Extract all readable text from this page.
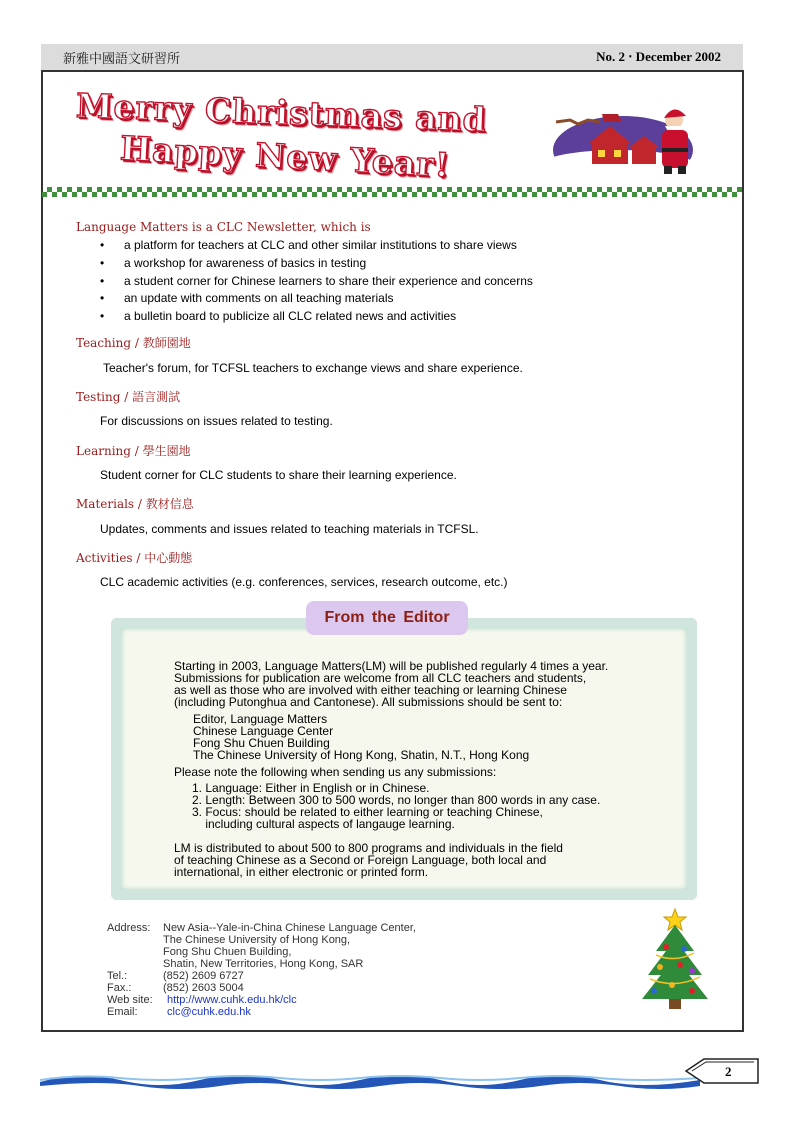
新雅中國語文研習所	No. 2 ‧ December 2002
Merry Christmas and
Happy New Year!
Language Matters is a CLC Newsletter, which is
• a platform for teachers at CLC and other similar institutions to share views
• a workshop for awareness of basics in testing
• a student corner for Chinese learners to share their experience and concerns
• an update with comments on all teaching materials
• a bulletin board to publicize all CLC related news and activities
Teaching / 教師園地
Teacher's forum, for TCFSL teachers to exchange views and share experience.
Testing / 語言測試
For discussions on issues related to testing.
Learning / 學生園地
Student corner for CLC students to share their learning experience.
Materials / 教材信息
Updates, comments and issues related to teaching materials in TCFSL.
Activities / 中心動態
CLC academic activities (e.g. conferences, services, research outcome, etc.)
From the Editor
Starting in 2003, Language Matters(LM) will be published regularly 4 times a year.
Submissions for publication are welcome from all CLC teachers and students,
as well as those who are involved with either teaching or learning Chinese
(including Putonghua and Cantonese). All submissions should be sent to:
Editor, Language Matters
Chinese Language Center
Fong Shu Chuen Building
The Chinese University of Hong Kong, Shatin, N.T., Hong Kong
Please note the following when sending us any submissions:
1. Language: Either in English or in Chinese.
2. Length: Between 300 to 500 words, no longer than 800 words in any case.
3. Focus: should be related to either learning or teaching Chinese,
including cultural aspects of langauge learning.
LM is distributed to about 500 to 800 programs and individuals in the field
of teaching Chinese as a Second or Foreign Language, both local and
international, in either electronic or printed form.
Address: New Asia--Yale-in-China Chinese Language Center,
The Chinese University of Hong Kong,
Fong Shu Chuen Building,
Shatin, New Territories, Hong Kong, SAR
Tel.:	(852) 2609 6727
Fax.:	(852) 2603 5004
Web site: http://www.cuhk.edu.hk/clc
Email:	clc@cuhk.edu.hk
2
